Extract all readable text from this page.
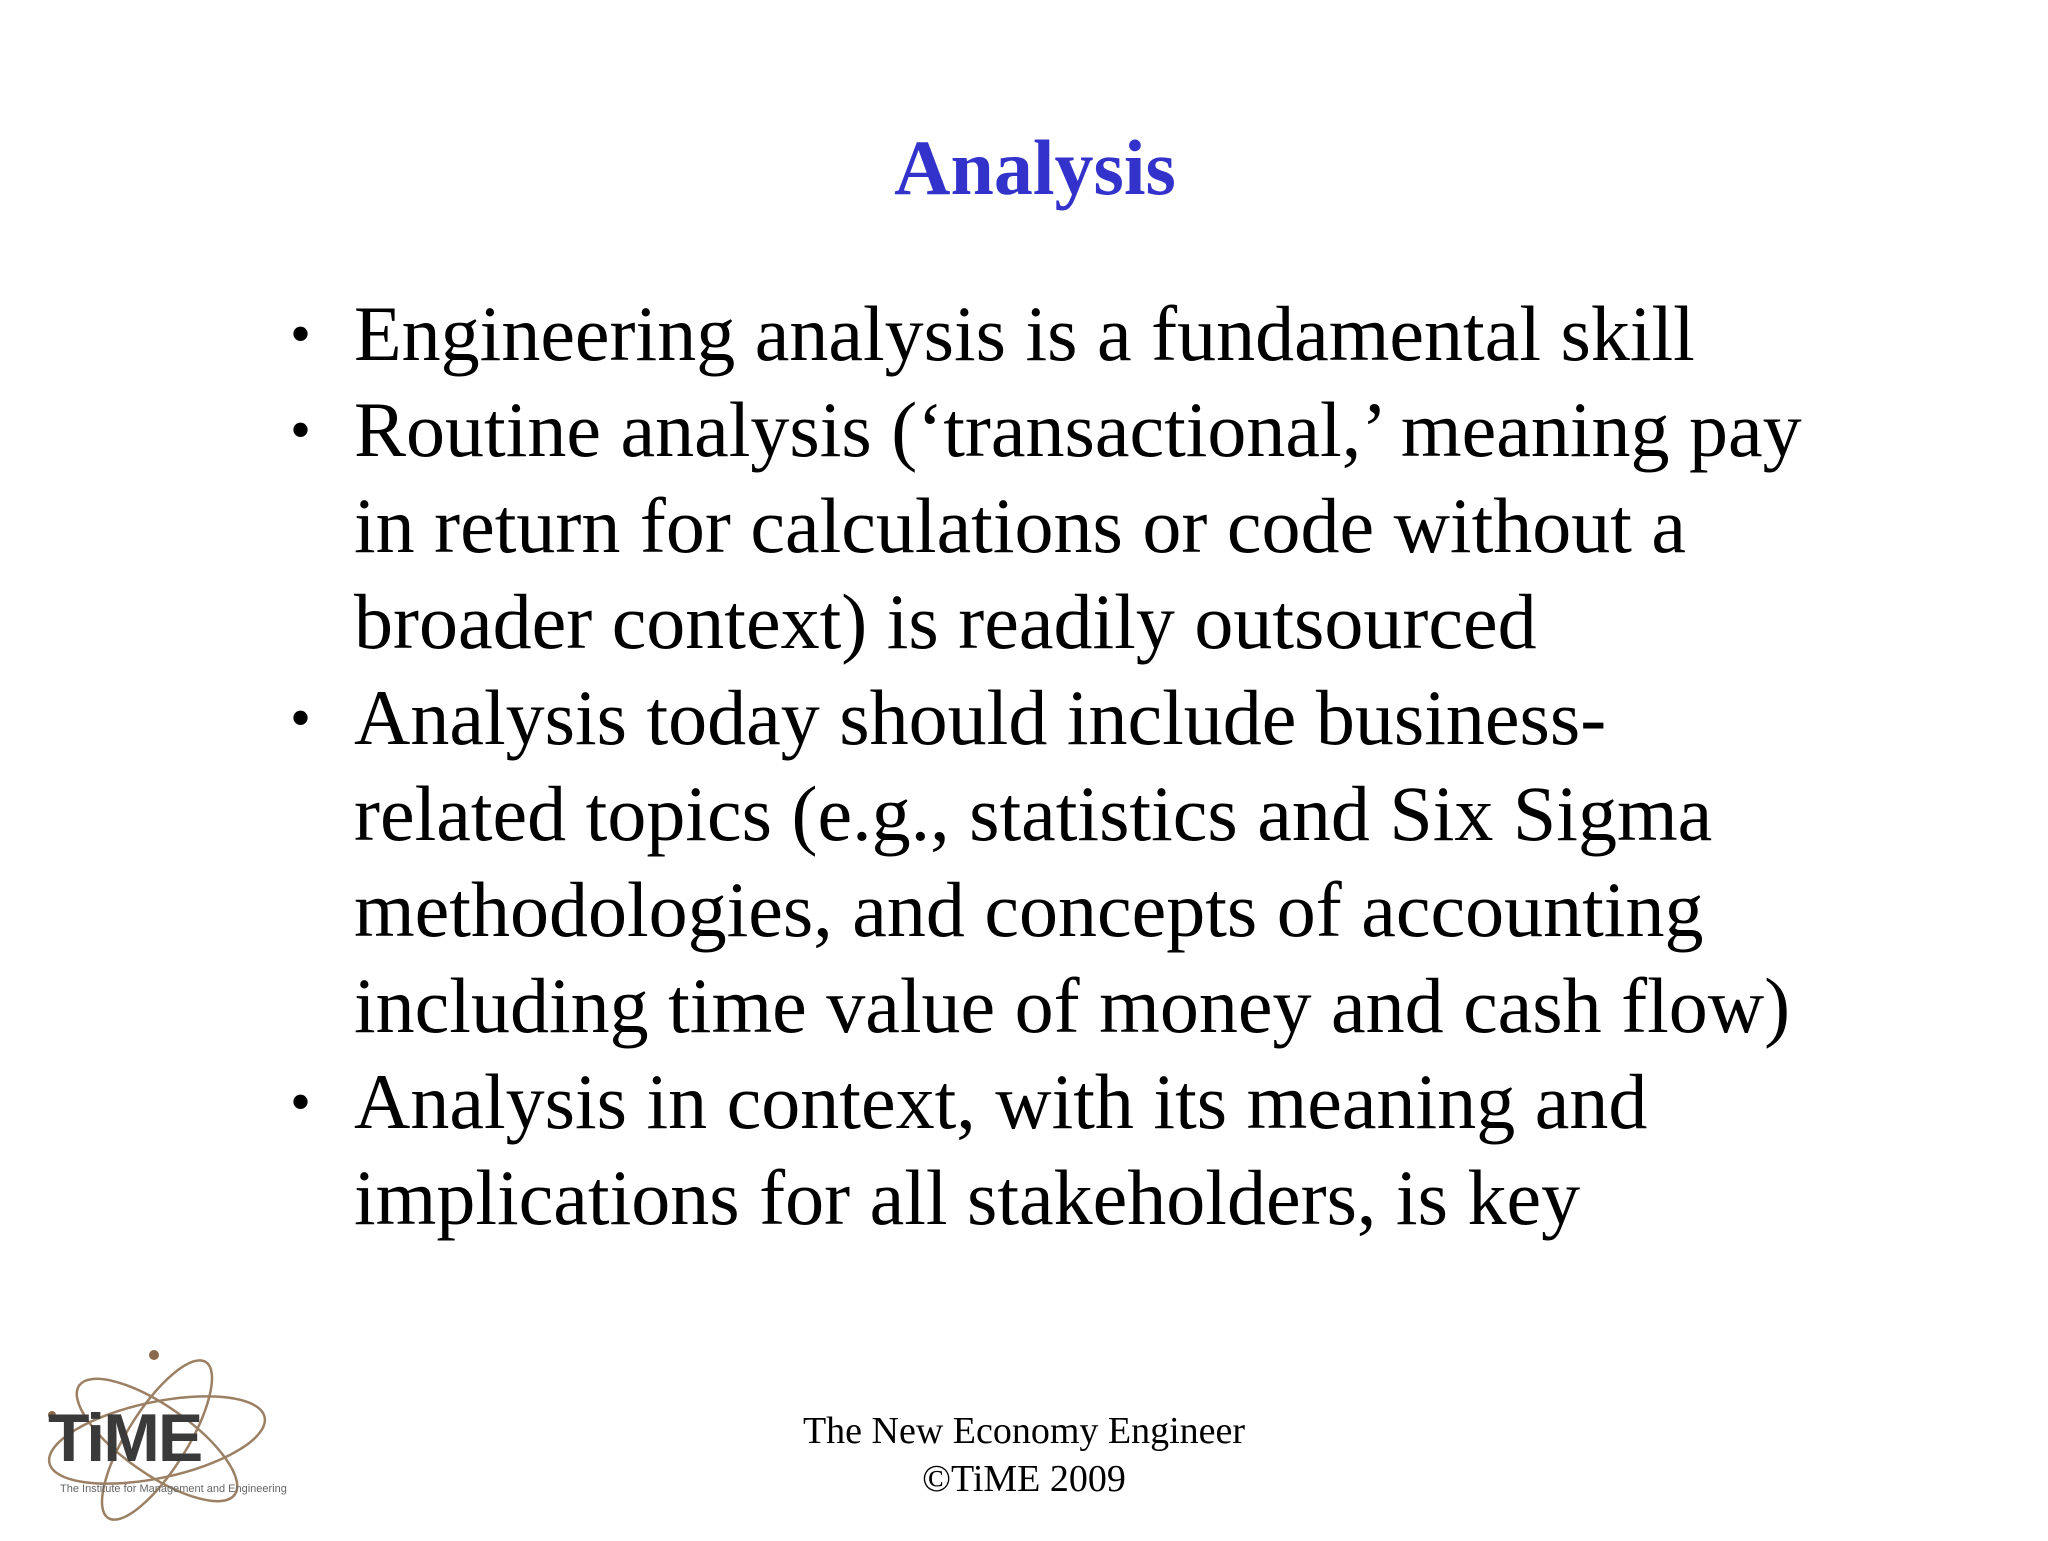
Analysis
• Engineering analysis is a fundamental skill
• Routine analysis (‘transactional,’ meaning pay
in return for calculations or code without a
broader context) is readily outsourced
• Analysis today should include business-
related topics (e.g., statistics and Six Sigma
methodologies, and concepts of accounting
including time value of money and cash flow)
• Analysis in context, with its meaning and
implications for all stakeholders, is key
TiME
The Institute for Management and Engineering
The New Economy Engineer
©TiME 2009
